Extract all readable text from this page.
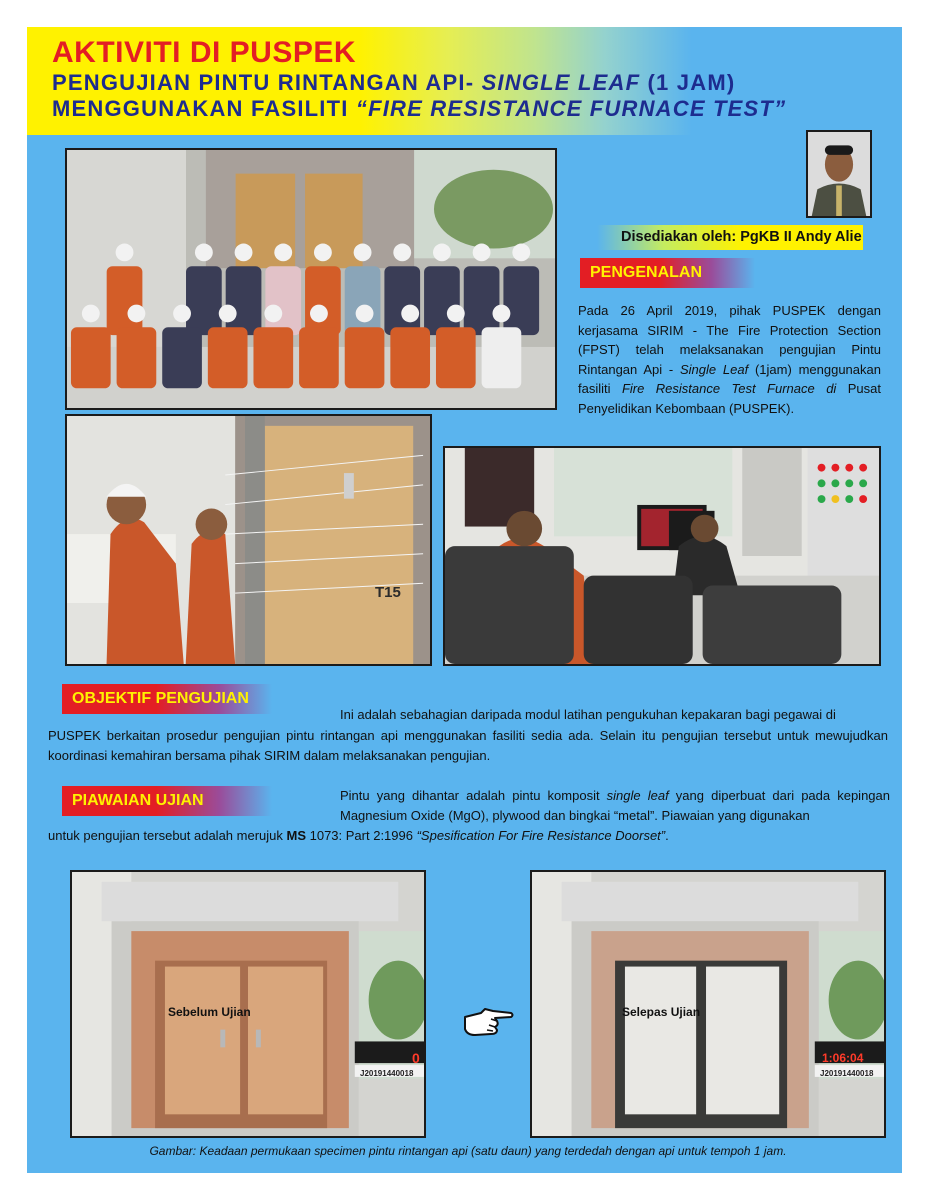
AKTIVITI DI PUSPEK
PENGUJIAN PINTU RINTANGAN API- SINGLE LEAF (1 JAM)
MENGGUNAKAN FASILITI “FIRE RESISTANCE FURNACE TEST”
Disediakan oleh: PgKB II Andy Alie
PENGENALAN
Pada 26 April 2019, pihak PUSPEK dengan kerjasama SIRIM - The Fire Protection Section (FPST) telah melaksanakan pengujian Pintu Rintangan Api - Single Leaf (1jam) menggunakan fasiliti Fire Resistance Test Furnace di Pusat Penyelidikan Kebombaan (PUSPEK).
T15
OBJEKTIF PENGUJIAN
Ini adalah sebahagian daripada modul latihan pengukuhan kepakaran bagi pegawai di
PUSPEK berkaitan prosedur pengujian pintu rintangan api menggunakan fasiliti sedia ada. Selain itu pengujian tersebut untuk mewujudkan koordinasi kemahiran bersama pihak SIRIM dalam melaksanakan pengujian.
PIAWAIAN UJIAN	Pintu yang dihantar adalah pintu komposit single leaf yang diperbuat dari pada kepingan Magnesium Oxide (MgO), plywood dan bingkai “metal”. Piawaian yang digunakan
untuk pengujian tersebut adalah merujuk MS 1073: Part 2:1996 “Spesification For Fire Resistance Doorset”.
Sebelum Ujian
0
J20191440018
Selepas Ujian
1:06:04
J20191440018
Gambar: Keadaan permukaan specimen pintu rintangan api (satu daun) yang terdedah dengan api untuk tempoh 1 jam.
